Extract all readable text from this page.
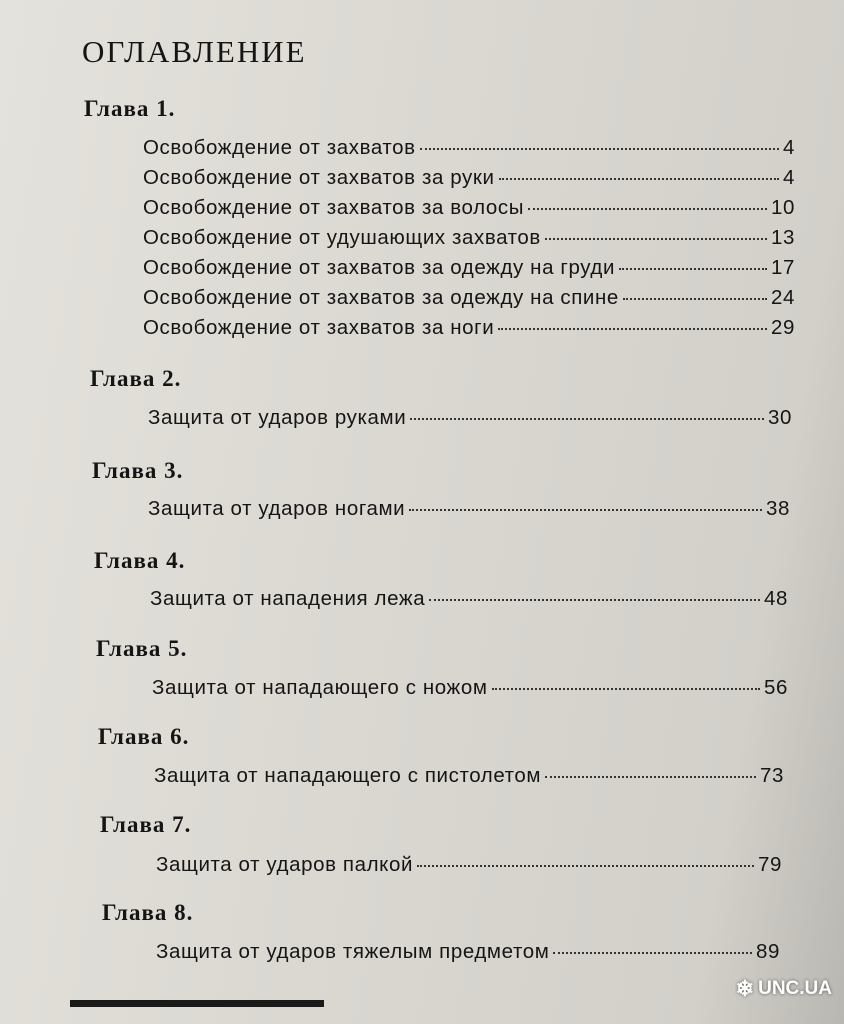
ОГЛАВЛЕНИЕ
Глава 1.
Освобождение от захватов	4
Освобождение от захватов за руки	4
Освобождение от захватов за волосы	10
Освобождение от удушающих захватов	13
Освобождение от захватов за одежду на груди	17
Освобождение от захватов за одежду на спине	24
Освобождение от захватов за ноги	29
Глава 2.
Защита от ударов руками	30
Глава 3.
Защита от ударов ногами	38
Глава 4.
Защита от нападения лежа	48
Глава 5.
Защита от нападающего с ножом	56
Глава 6.
Защита от нападающего с пистолетом	73
Глава 7.
Защита от ударов палкой	79
Глава 8.
Защита от ударов тяжелым предметом	89
❄ UNC.UA
